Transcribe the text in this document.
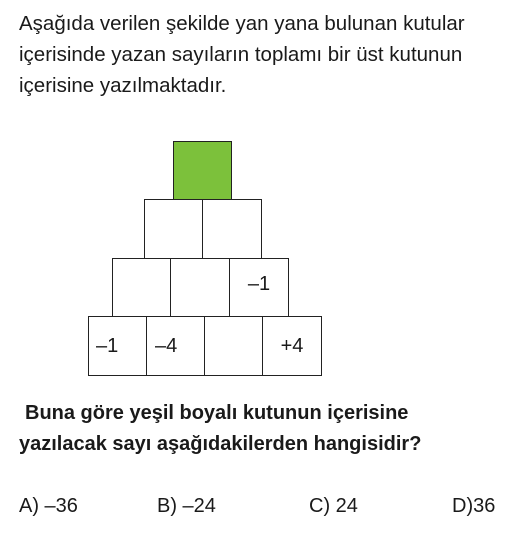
Aşağıda verilen şekilde yan yana bulunan kutular
içerisinde yazan sayıların toplamı bir üst kutunun
içerisine yazılmaktadır.
–1
–1	–4	+4
Buna göre yeşil boyalı kutunun içerisine
yazılacak sayı aşağıdakilerden hangisidir?
A) –36	B) –24	C) 24	D)36
